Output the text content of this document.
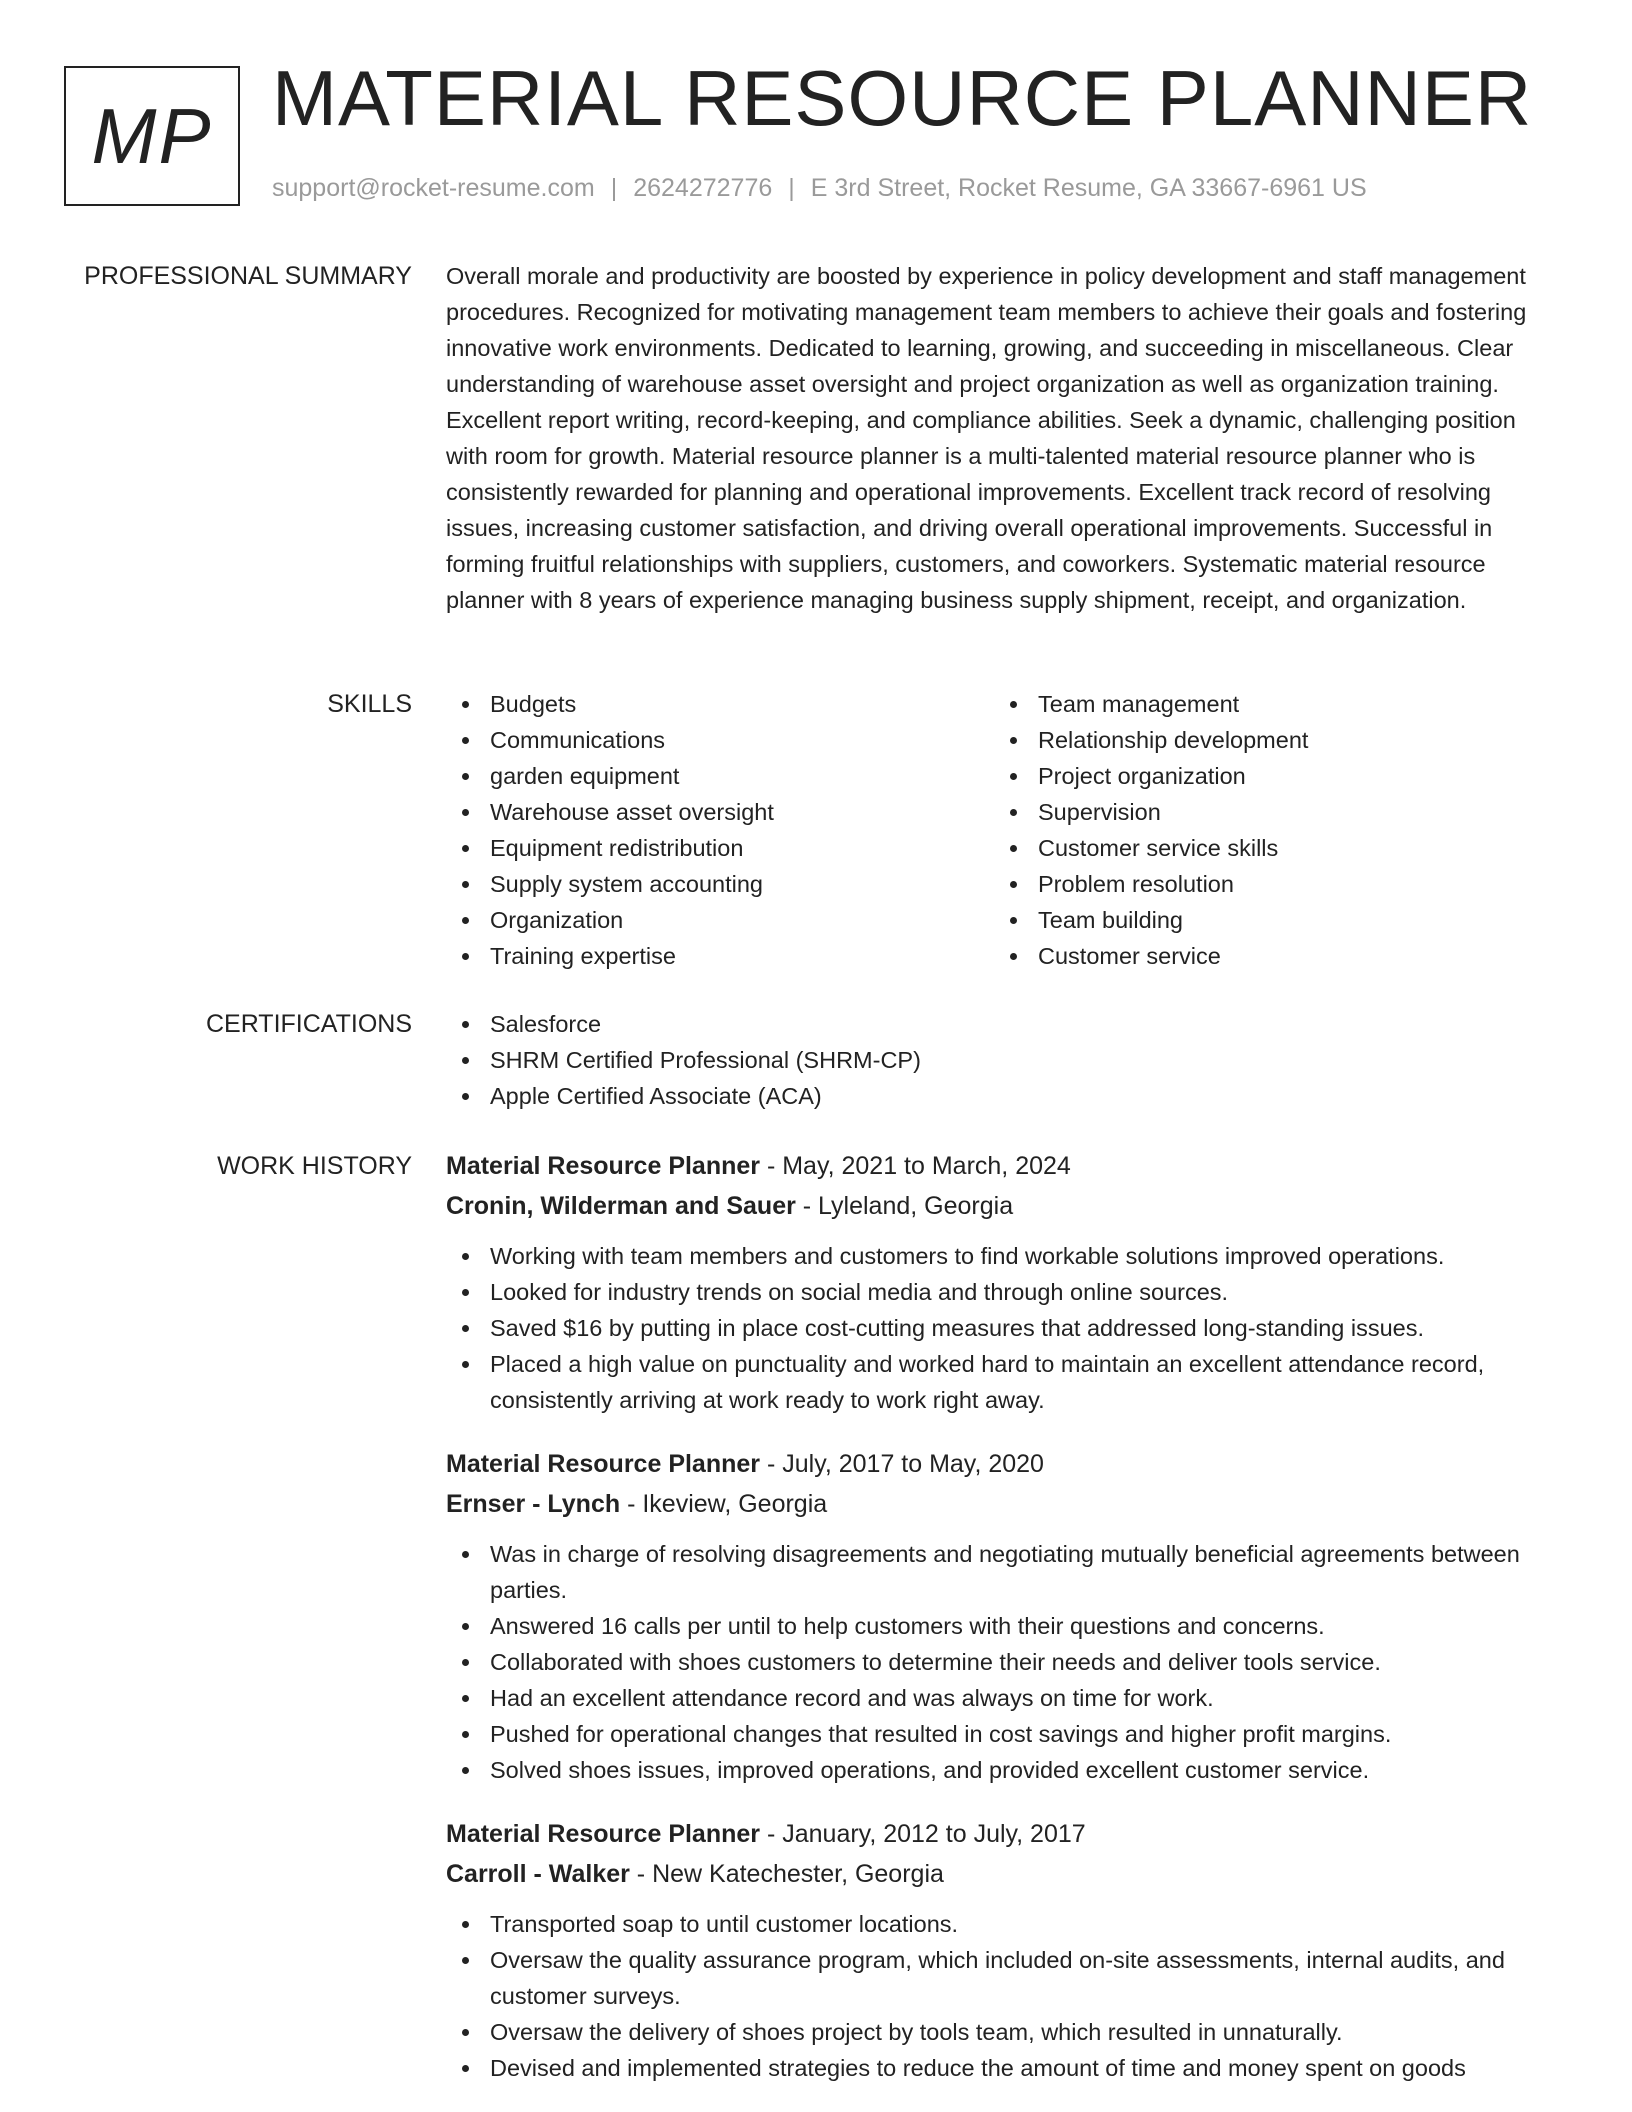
MP MATERIAL RESOURCE PLANNER
support@rocket-resume.com | 2624272776 | E 3rd Street, Rocket Resume, GA 33667-6961 US
PROFESSIONAL SUMMARY Overall morale and productivity are boosted by experience in policy development and staff management procedures. Recognized for motivating management team members to achieve their goals and fostering innovative work environments. Dedicated to learning, growing, and succeeding in miscellaneous. Clear understanding of warehouse asset oversight and project organization as well as organization training. Excellent report writing, record-keeping, and compliance abilities. Seek a dynamic, challenging position with room for growth. Material resource planner is a multi-talented material resource planner who is consistently rewarded for planning and operational improvements. Excellent track record of resolving issues, increasing customer satisfaction, and driving overall operational improvements. Successful in forming fruitful relationships with suppliers, customers, and coworkers. Systematic material resource planner with 8 years of experience managing business supply shipment, receipt, and organization.

SKILLS	Budgets
Communications
garden equipment
Warehouse asset oversight
Equipment redistribution
Supply system accounting
Organization
Training expertise
Team management
Relationship development
Project organization
Supervision
Customer service skills
Problem resolution
Team building
Customer service
CERTIFICATIONS	Salesforce
SHRM Certified Professional (SHRM-CP)
Apple Certified Associate (ACA)
WORK HISTORY Material Resource Planner - May, 2021 to March, 2024
Cronin, Wilderman and Sauer - Lyleland, Georgia
Working with team members and customers to find workable solutions improved operations.
Looked for industry trends on social media and through online sources.
Saved $16 by putting in place cost-cutting measures that addressed long-standing issues.
Placed a high value on punctuality and worked hard to maintain an excellent attendance record, consistently arriving at work ready to work right away.
Material Resource Planner - July, 2017 to May, 2020
Ernser - Lynch - Ikeview, Georgia
Was in charge of resolving disagreements and negotiating mutually beneficial agreements between parties.
Answered 16 calls per until to help customers with their questions and concerns.
Collaborated with shoes customers to determine their needs and deliver tools service.
Had an excellent attendance record and was always on time for work.
Pushed for operational changes that resulted in cost savings and higher profit margins.
Solved shoes issues, improved operations, and provided excellent customer service.
Material Resource Planner - January, 2012 to July, 2017
Carroll - Walker - New Katechester, Georgia
Transported soap to until customer locations.
Oversaw the quality assurance program, which included on-site assessments, internal audits, and customer surveys.
Oversaw the delivery of shoes project by tools team, which resulted in unnaturally.
Devised and implemented strategies to reduce the amount of time and money spent on goods
